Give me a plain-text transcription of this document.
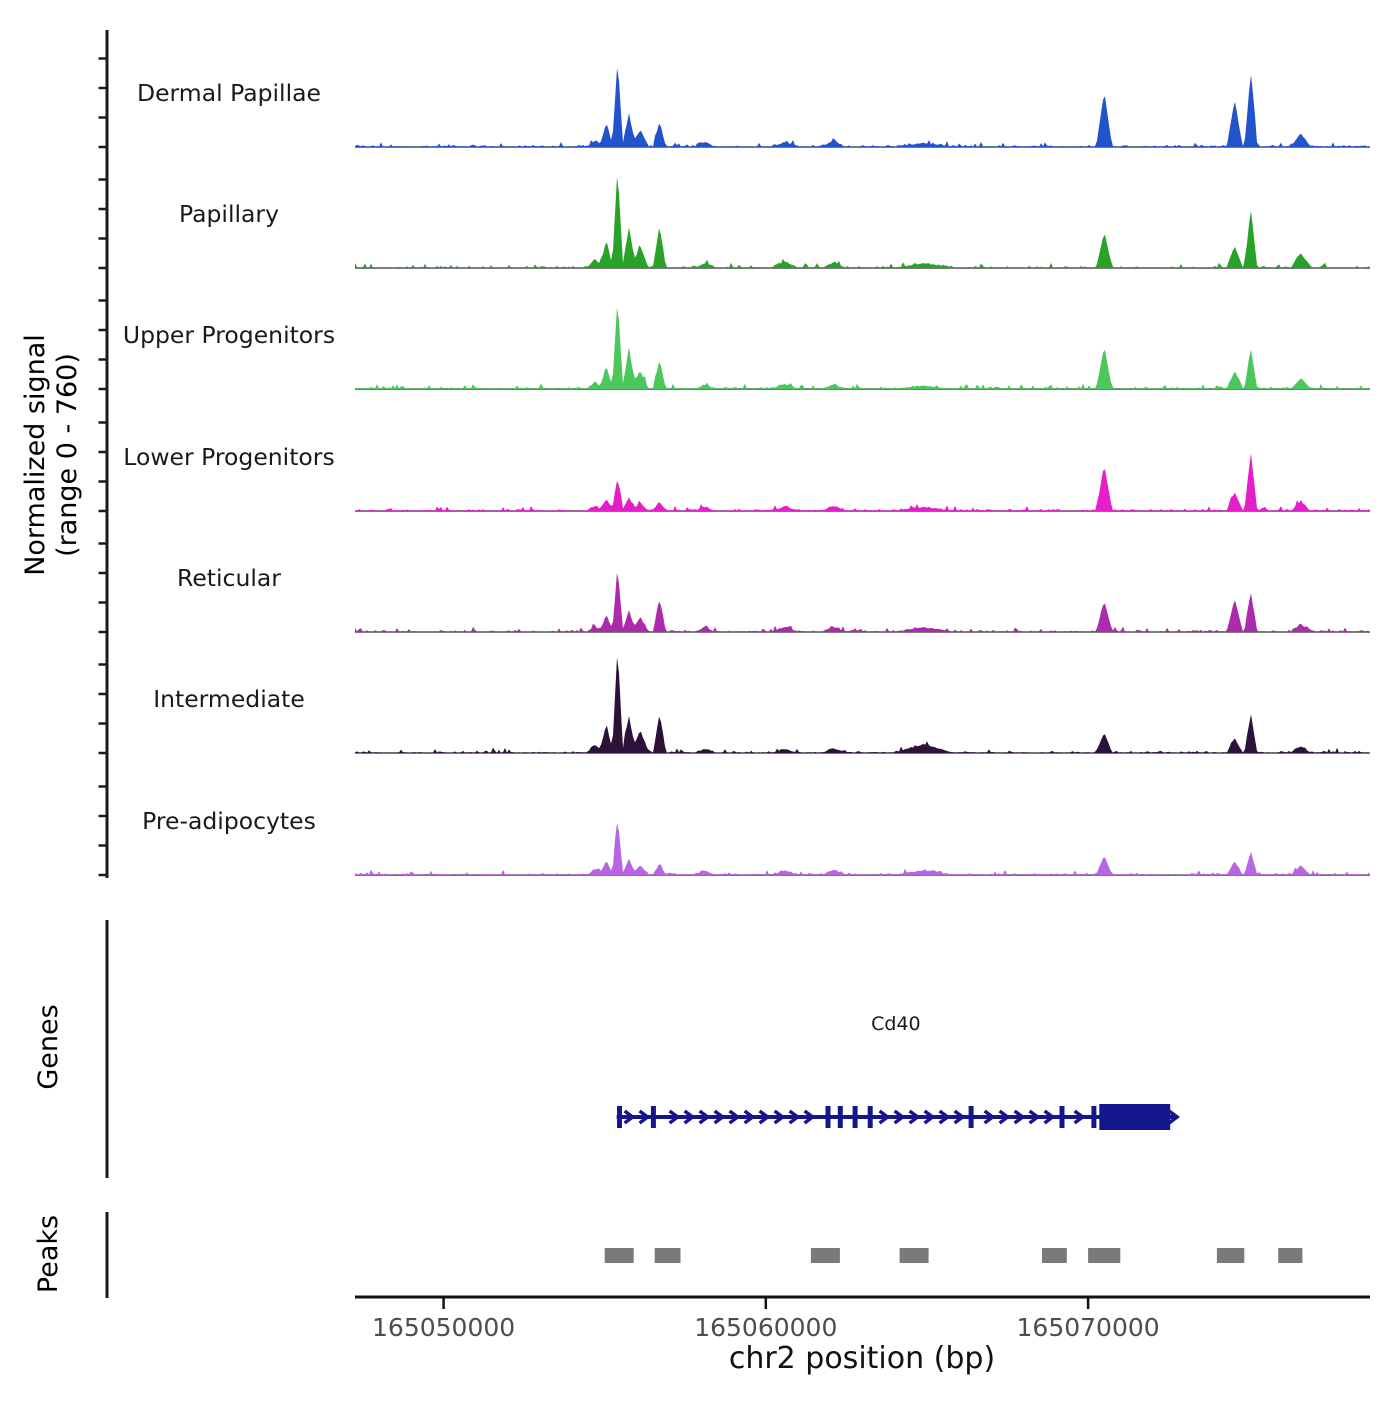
Normalized signal (range 0 - 760)
Dermal Papillae
Papillary
Upper Progenitors
Lower Progenitors
Reticular
Intermediate
Pre-adipocytes
Genes	Cd40
Peaks
165050000	165060000	165070000
chr2 position (bp)
